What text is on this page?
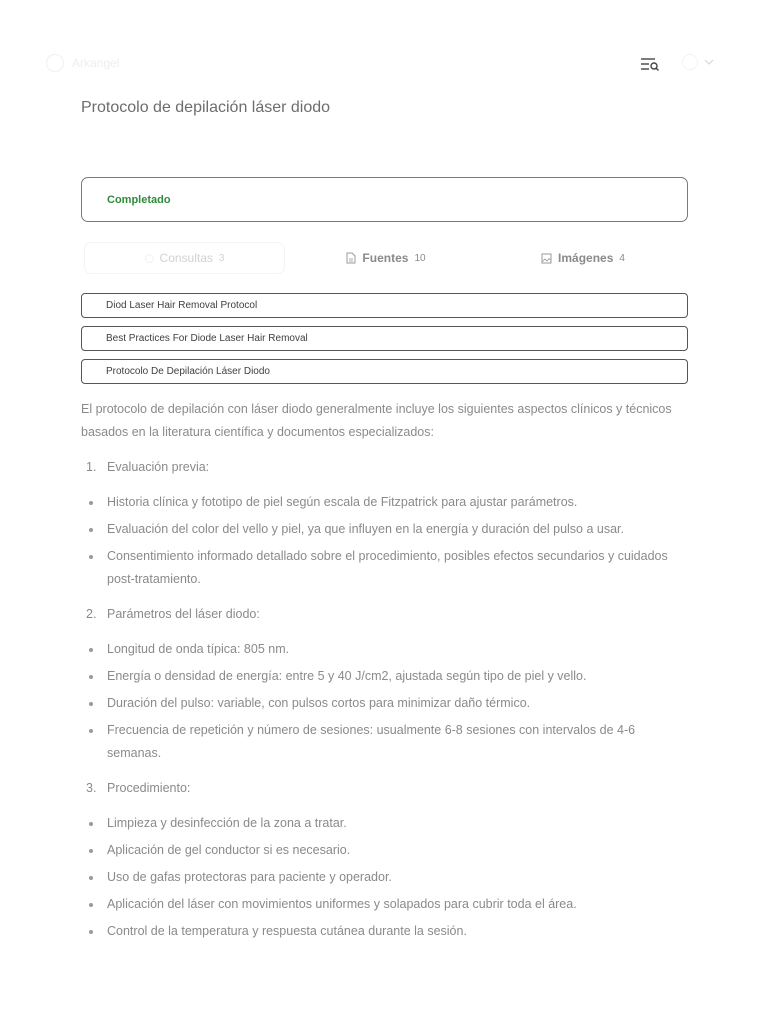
Arkangel
Protocolo de depilación láser diodo
Completado
Consultas 3	Fuentes 10	Imágenes 4
Diod Laser Hair Removal Protocol
Best Practices For Diode Laser Hair Removal
Protocolo De Depilación Láser Diodo

El protocolo de depilación con láser diodo generalmente incluye los siguientes aspectos clínicos y técnicos basados en la literatura científica y documentos especializados:

1. Evaluación previa:
Historia clínica y fototipo de piel según escala de Fitzpatrick para ajustar parámetros.
Evaluación del color del vello y piel, ya que influyen en la energía y duración del pulso a usar.
Consentimiento informado detallado sobre el procedimiento, posibles efectos secundarios y cuidados post-tratamiento.
2. Parámetros del láser diodo:
Longitud de onda típica: 805 nm.
Energía o densidad de energía: entre 5 y 40 J/cm2, ajustada según tipo de piel y vello.
Duración del pulso: variable, con pulsos cortos para minimizar daño térmico.
Frecuencia de repetición y número de sesiones: usualmente 6-8 sesiones con intervalos de 4-6 semanas.
3. Procedimiento:
Limpieza y desinfección de la zona a tratar.
Aplicación de gel conductor si es necesario.
Uso de gafas protectoras para paciente y operador.
Aplicación del láser con movimientos uniformes y solapados para cubrir toda el área.
Control de la temperatura y respuesta cutánea durante la sesión.
